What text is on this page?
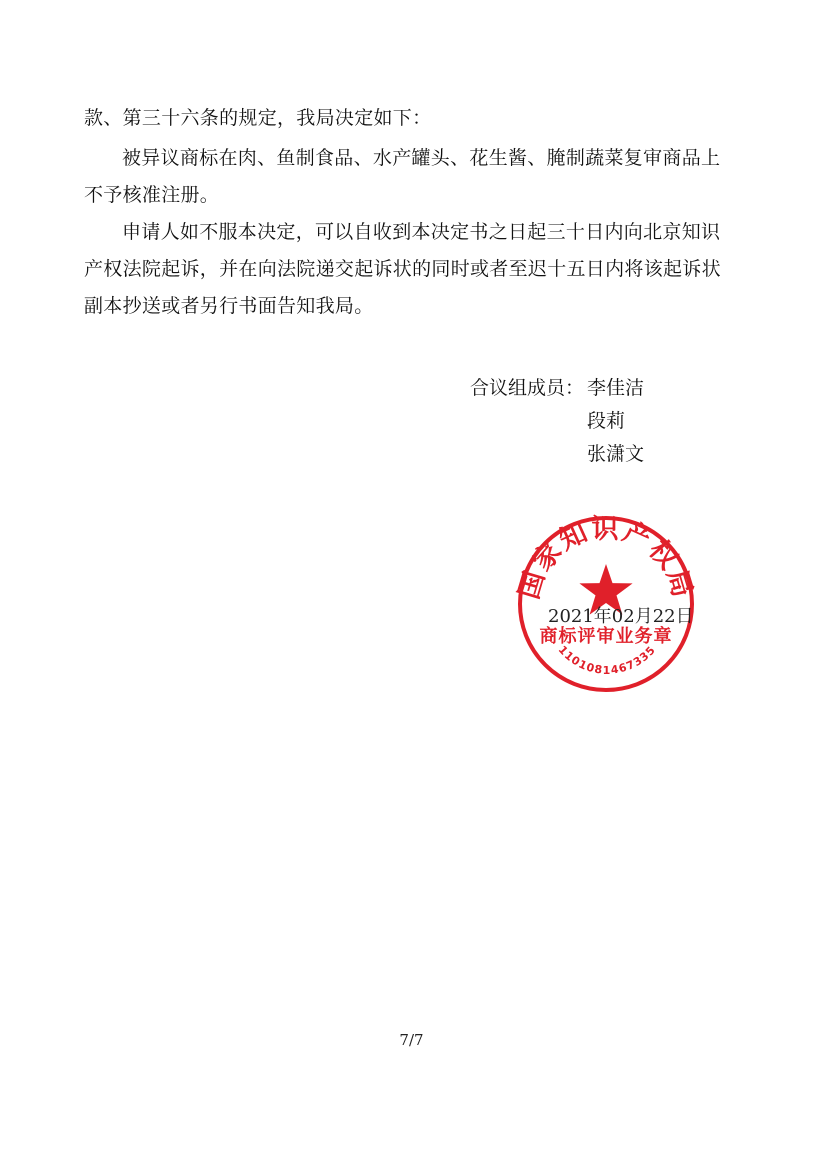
款、第三十六条的规定，我局决定如下：
被异议商标在肉、鱼制食品、水产罐头、花生酱、腌制蔬菜复审商品上
不予核准注册。
申请人如不服本决定，可以自收到本决定书之日起三十日内向北京知识
产权法院起诉，并在向法院递交起诉状的同时或者至迟十五日内将该起诉状
副本抄送或者另行书面告知我局。
合议组成员： 李佳洁
段莉
张潇文
国家知识产权局
商标评审业务章
1101081467335
2021年02月22日
7/7
